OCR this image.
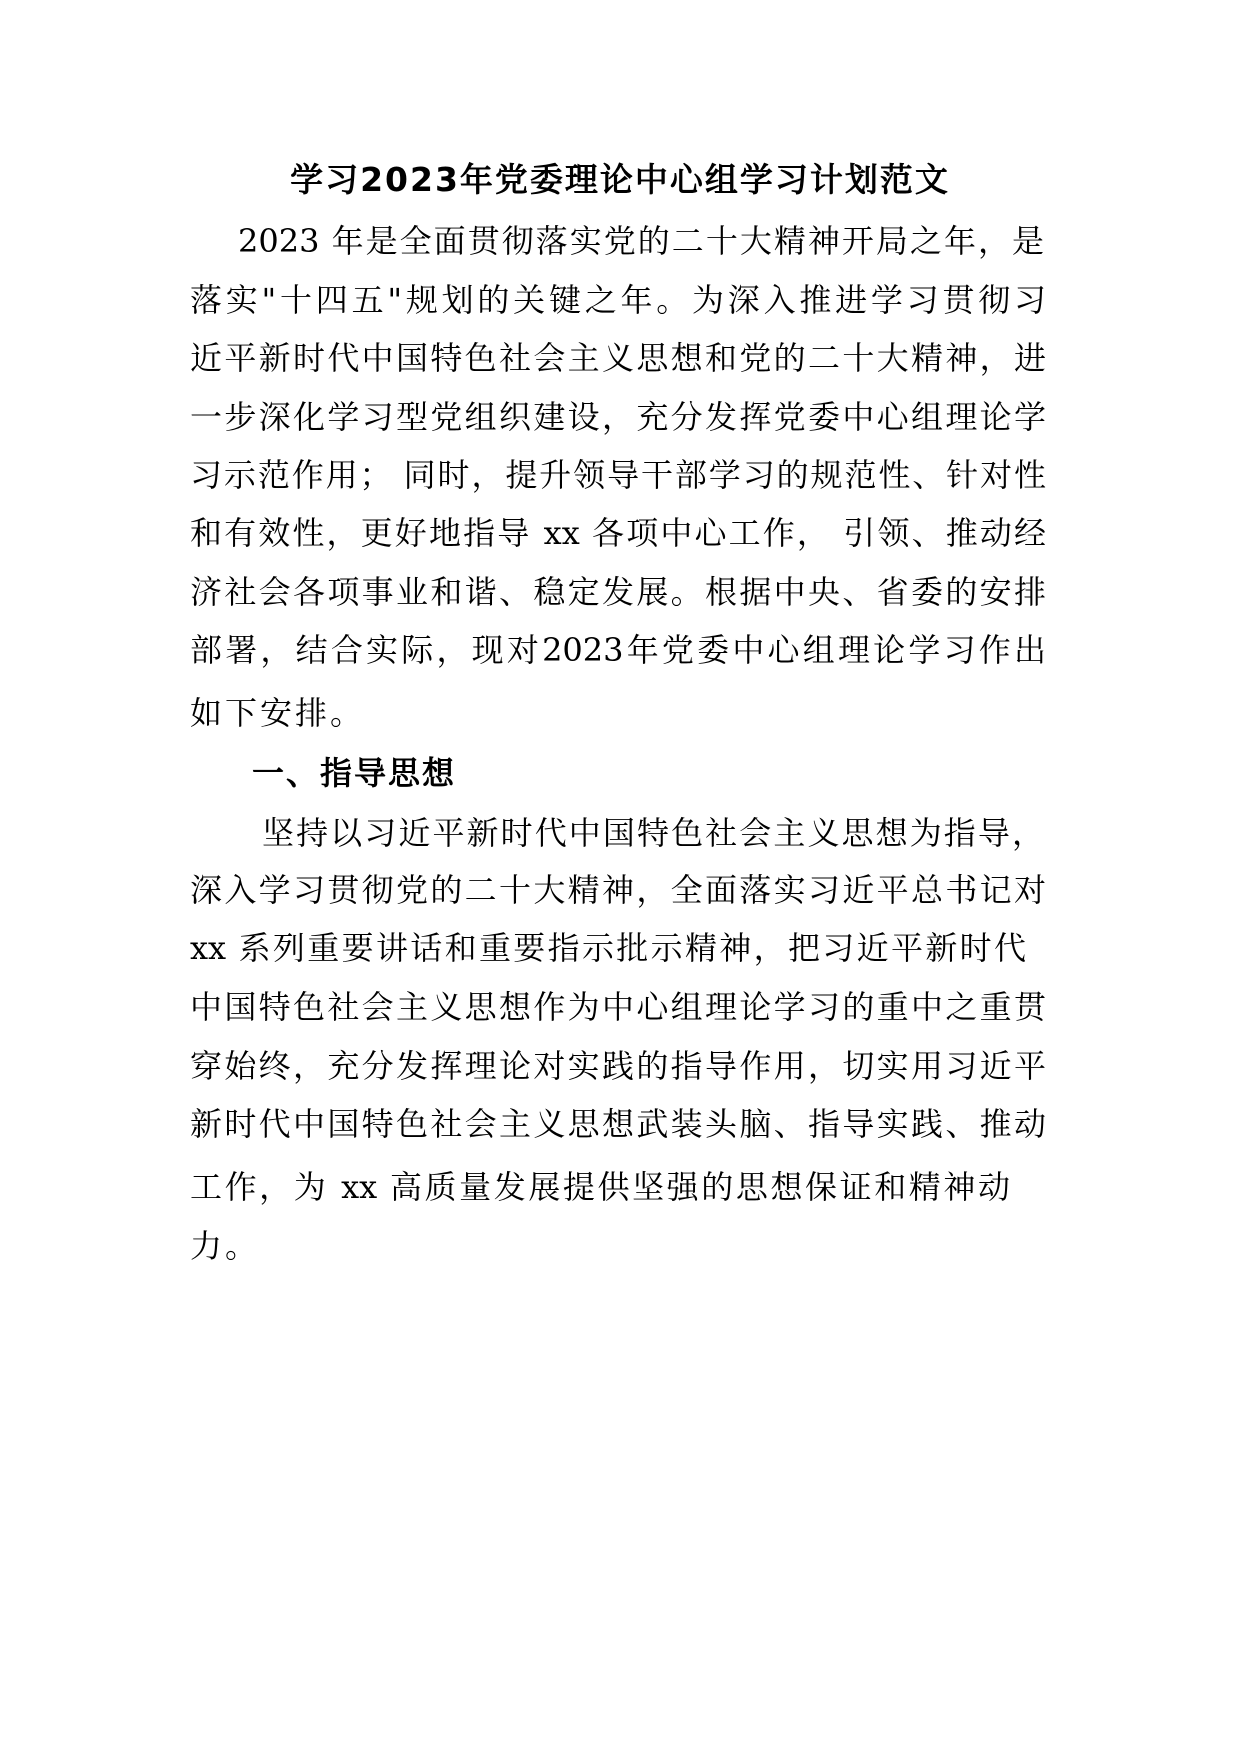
学习2023年党委理论中心组学习计划范文
2023 年是全面贯彻落实党的二十大精神开局之年，是
落实"十四五"规划的关键之年。为深入推进学习贯彻习
近平新时代中国特色社会主义思想和党的二十大精神，进
一步深化学习型党组织建设，充分发挥党委中心组理论学
习示范作用； 同时，提升领导干部学习的规范性、针对性
和有效性，更好地指导 xx 各项中心工作， 引领、推动经
济社会各项事业和谐、稳定发展。根据中央、省委的安排
部署，结合实际，现对2023年党委中心组理论学习作出
如下安排。
一、指导思想
坚持以习近平新时代中国特色社会主义思想为指导，
深入学习贯彻党的二十大精神，全面落实习近平总书记对
xx 系列重要讲话和重要指示批示精神，把习近平新时代
中国特色社会主义思想作为中心组理论学习的重中之重贯
穿始终，充分发挥理论对实践的指导作用，切实用习近平
新时代中国特色社会主义思想武装头脑、指导实践、推动
工作，为 xx 高质量发展提供坚强的思想保证和精神动
力。
